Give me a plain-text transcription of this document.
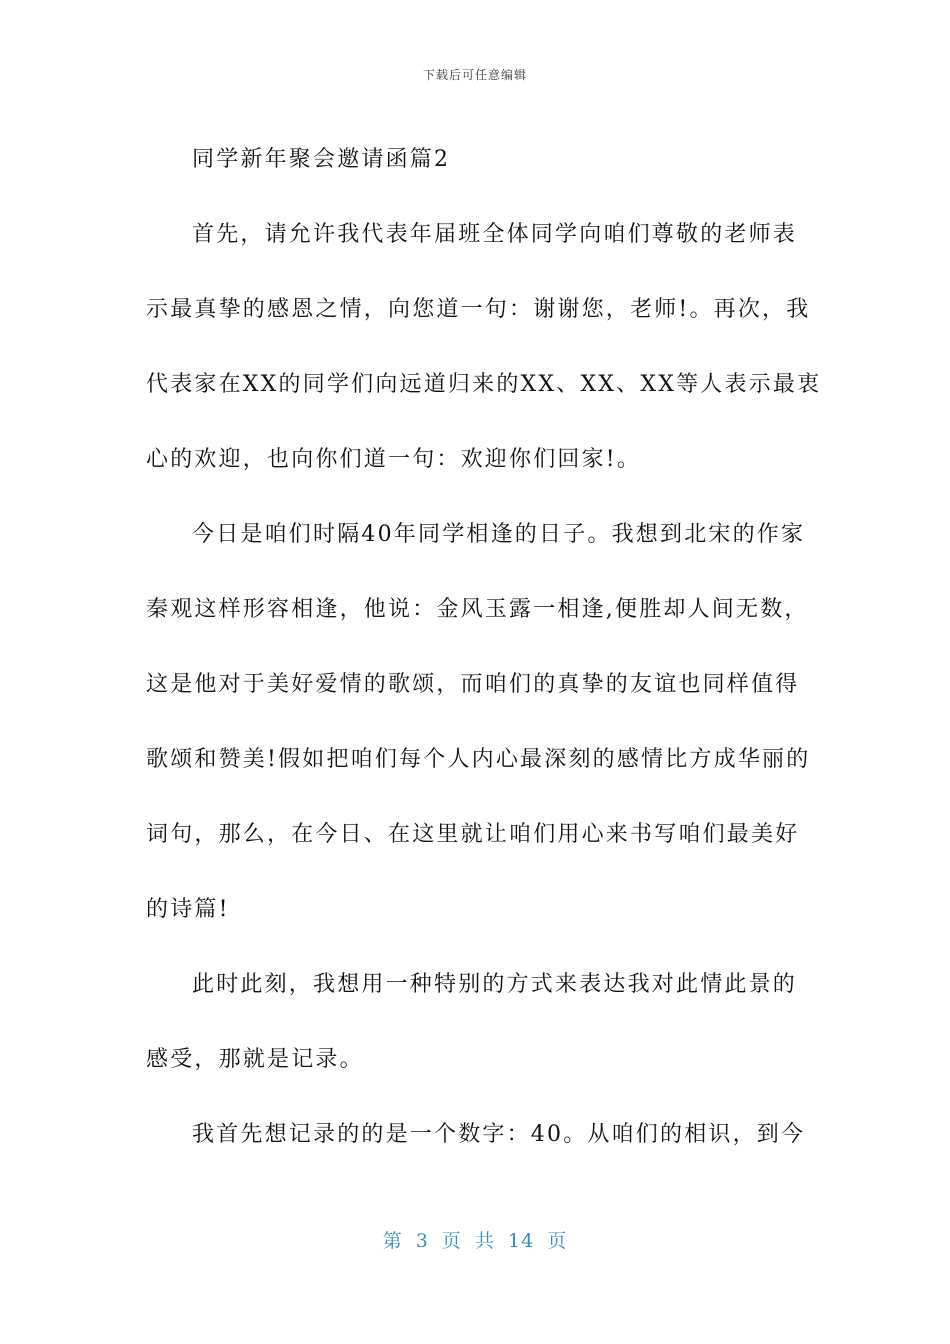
下载后可任意编辑
同学新年聚会邀请函篇2
首先，请允许我代表年届班全体同学向咱们尊敬的老师表
示最真挚的感恩之情，向您道一句：谢谢您，老师!。再次，我
代表家在XX的同学们向远道归来的XX、XX、XX等人表示最衷
心的欢迎，也向你们道一句：欢迎你们回家!。
今日是咱们时隔40年同学相逢的日子。我想到北宋的作家
秦观这样形容相逢，他说：金风玉露一相逢,便胜却人间无数，
这是他对于美好爱情的歌颂，而咱们的真挚的友谊也同样值得
歌颂和赞美!假如把咱们每个人内心最深刻的感情比方成华丽的
词句，那么，在今日、在这里就让咱们用心来书写咱们最美好
的诗篇!
此时此刻，我想用一种特别的方式来表达我对此情此景的
感受，那就是记录。
我首先想记录的的是一个数字：40。从咱们的相识，到今
第 3 页 共 14 页
